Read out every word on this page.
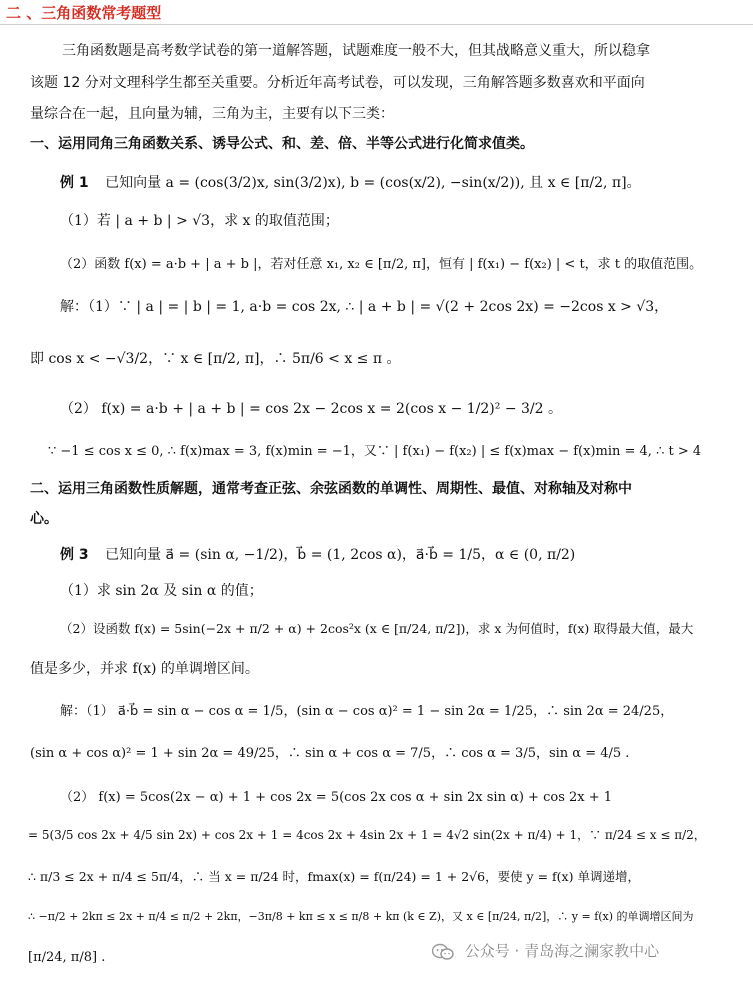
二 、三角函数常考题型
三角函数题是高考数学试卷的第一道解答题，试题难度一般不大，但其战略意义重大，所以稳拿
该题 12 分对文理科学生都至关重要。分析近年高考试卷，可以发现，三角解答题多数喜欢和平面向
量综合在一起，且向量为辅，三角为主，主要有以下三类：
一、运用同角三角函数关系、诱导公式、和、差、倍、半等公式进行化简求值类。
例 1 已知向量 a = (cos(3/2)x, sin(3/2)x), b = (cos(x/2), −sin(x/2)), 且 x ∈ [π/2, π]。
（1）若 | a + b | > √3，求 x 的取值范围；
（2）函数 f(x) = a·b + | a + b |，若对任意 x₁, x₂ ∈ [π/2, π]，恒有 | f(x₁) − f(x₂) | < t，求 t 的取值范围。
解：（1）∵ | a | = | b | = 1, a·b = cos 2x, ∴ | a + b | = √(2 + 2cos 2x) = −2cos x > √3，
即 cos x < −√3/2，∵ x ∈ [π/2, π]，∴ 5π/6 < x ≤ π 。
（2） f(x) = a·b + | a + b | = cos 2x − 2cos x = 2(cos x − 1/2)² − 3/2 。
∵ −1 ≤ cos x ≤ 0, ∴ f(x)max = 3, f(x)min = −1，又∵ | f(x₁) − f(x₂) | ≤ f(x)max − f(x)min = 4, ∴ t > 4
二、运用三角函数性质解题，通常考查正弦、余弦函数的单调性、周期性、最值、对称轴及对称中
心。
例 3 已知向量 a⃗ = (sin α, −1/2)，b⃗ = (1, 2cos α)，a⃗·b⃗ = 1/5，α ∈ (0, π/2)
（1）求 sin 2α 及 sin α 的值；
（2）设函数 f(x) = 5sin(−2x + π/2 + α) + 2cos²x (x ∈ [π/24, π/2])，求 x 为何值时，f(x) 取得最大值，最大
值是多少，并求 f(x) 的单调增区间。
解：（1） a⃗·b⃗ = sin α − cos α = 1/5，(sin α − cos α)² = 1 − sin 2α = 1/25，∴ sin 2α = 24/25，
(sin α + cos α)² = 1 + sin 2α = 49/25，∴ sin α + cos α = 7/5，∴ cos α = 3/5，sin α = 4/5 .
（2） f(x) = 5cos(2x − α) + 1 + cos 2x = 5(cos 2x cos α + sin 2x sin α) + cos 2x + 1
= 5(3/5 cos 2x + 4/5 sin 2x) + cos 2x + 1 = 4cos 2x + 4sin 2x + 1 = 4√2 sin(2x + π/4) + 1，∵ π/24 ≤ x ≤ π/2，
∴ π/3 ≤ 2x + π/4 ≤ 5π/4，∴ 当 x = π/24 时，fmax(x) = f(π/24) = 1 + 2√6，要使 y = f(x) 单调递增，
∴ −π/2 + 2kπ ≤ 2x + π/4 ≤ π/2 + 2kπ，−3π/8 + kπ ≤ x ≤ π/8 + kπ (k ∈ Z)，又 x ∈ [π/24, π/2]，∴ y = f(x) 的单调增区间为
[π/24, π/8] .	公众号 · 青岛海之澜家教中心
